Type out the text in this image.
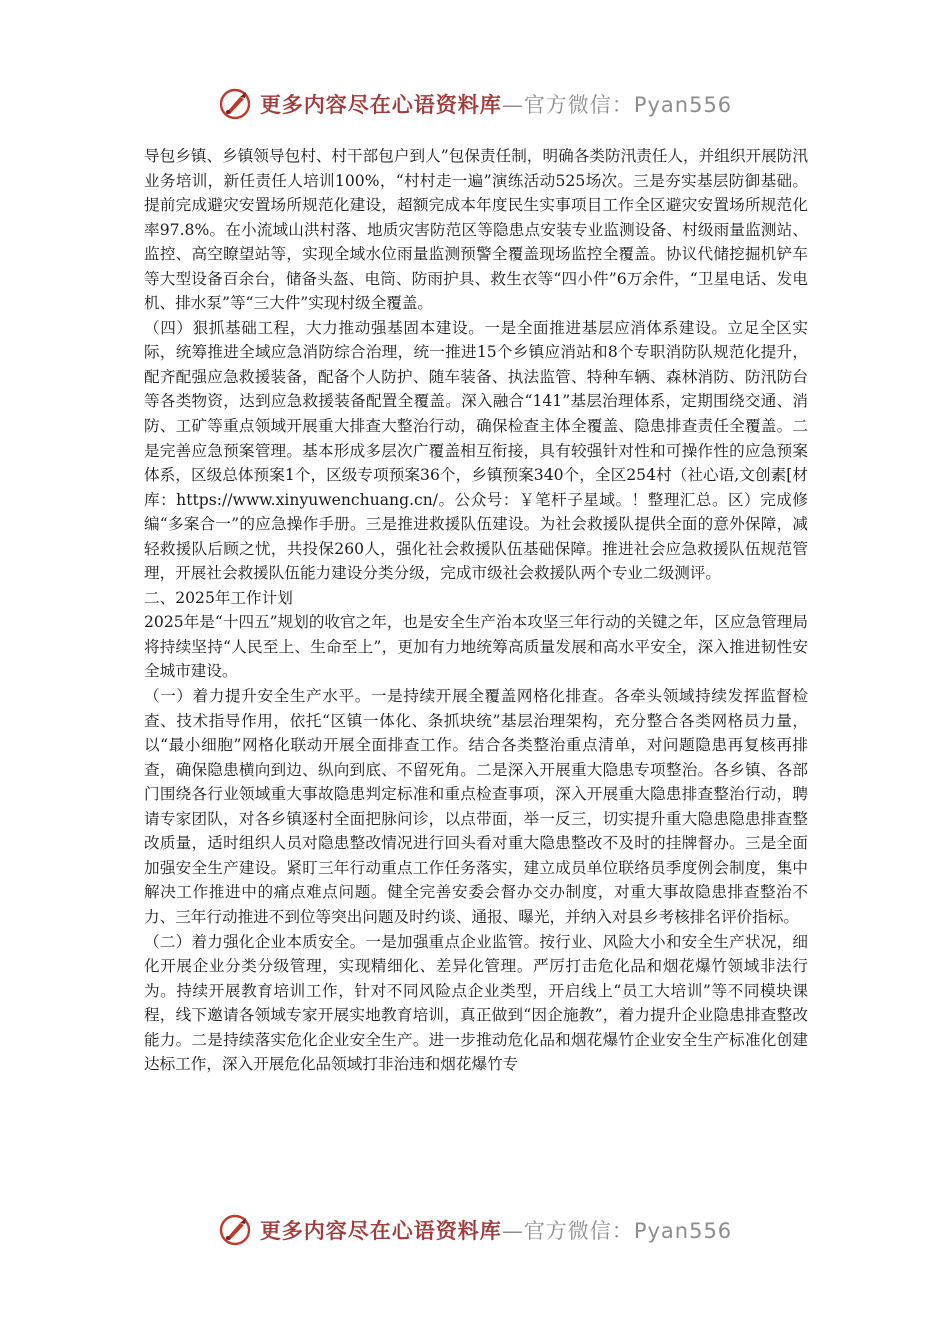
更多内容尽在心语资料库—官方微信：Pyan556

导包乡镇、乡镇领导包村、村干部包户到人”包保责任制，明确各类防汛责任人，并组织开展防汛业务培训，新任责任人培训100%，“村村走一遍”演练活动525场次。三是夯实基层防御基础。提前完成避灾安置场所规范化建设，超额完成本年度民生实事项目工作全区避灾安置场所规范化率97.8%。在小流域山洪村落、地质灾害防范区等隐患点安装专业监测设备、村级雨量监测站、监控、高空瞭望站等，实现全域水位雨量监测预警全覆盖现场监控全覆盖。协议代储挖掘机铲车等大型设备百余台，储备头盔、电筒、防雨护具、救生衣等“四小件”6万余件，“卫星电话、发电机、排水泵”等“三大件”实现村级全覆盖。

（四）狠抓基础工程，大力推动强基固本建设。一是全面推进基层应消体系建设。立足全区实际，统筹推进全域应急消防综合治理，统一推进15个乡镇应消站和8个专职消防队规范化提升，配齐配强应急救援装备，配备个人防护、随车装备、执法监管、特种车辆、森林消防、防汛防台等各类物资，达到应急救援装备配置全覆盖。深入融合“141”基层治理体系，定期围绕交通、消防、工矿等重点领域开展重大排查大整治行动，确保检查主体全覆盖、隐患排查责任全覆盖。二是完善应急预案管理。基本形成多层次广覆盖相互衔接，具有较强针对性和可操作性的应急预案体系，区级总体预案1个，区级专项预案36个，乡镇预案340个，全区254村（社心语,文创素[材库：https://www.xinyuwenchuang.cn/。公众号：￥笔杆子星域。！整理汇总。区）完成修编“多案合一”的应急操作手册。三是推进救援队伍建设。为社会救援队提供全面的意外保障，减轻救援队后顾之忧，共投保260人，强化社会救援队伍基础保障。推进社会应急救援队伍规范管理，开展社会救援队伍能力建设分类分级，完成市级社会救援队两个专业二级测评。

二、2025年工作计划

2025年是“十四五”规划的收官之年，也是安全生产治本攻坚三年行动的关键之年，区应急管理局将持续坚持“人民至上、生命至上”，更加有力地统筹高质量发展和高水平安全，深入推进韧性安全城市建设。

（一）着力提升安全生产水平。一是持续开展全覆盖网格化排查。各牵头领域持续发挥监督检查、技术指导作用，依托“区镇一体化、条抓块统”基层治理架构，充分整合各类网格员力量，以“最小细胞”网格化联动开展全面排查工作。结合各类整治重点清单，对问题隐患再复核再排查，确保隐患横向到边、纵向到底、不留死角。二是深入开展重大隐患专项整治。各乡镇、各部门围绕各行业领域重大事故隐患判定标准和重点检查事项，深入开展重大隐患排查整治行动，聘请专家团队，对各乡镇逐村全面把脉问诊，以点带面，举一反三，切实提升重大隐患隐患排查整改质量，适时组织人员对隐患整改情况进行回头看对重大隐患整改不及时的挂牌督办。三是全面加强安全生产建设。紧盯三年行动重点工作任务落实，建立成员单位联络员季度例会制度，集中解决工作推进中的痛点难点问题。健全完善安委会督办交办制度，对重大事故隐患排查整治不力、三年行动推进不到位等突出问题及时约谈、通报、曝光，并纳入对县乡考核排名评价指标。

（二）着力强化企业本质安全。一是加强重点企业监管。按行业、风险大小和安全生产状况，细化开展企业分类分级管理，实现精细化、差异化管理。严厉打击危化品和烟花爆竹领域非法行为。持续开展教育培训工作，针对不同风险点企业类型，开启线上“员工大培训”等不同模块课程，线下邀请各领域专家开展实地教育培训，真正做到“因企施教”，着力提升企业隐患排查整改能力。二是持续落实危化企业安全生产。进一步推动危化品和烟花爆竹企业安全生产标准化创建达标工作，深入开展危化品领域打非治违和烟花爆竹专

更多内容尽在心语资料库—官方微信：Pyan556
